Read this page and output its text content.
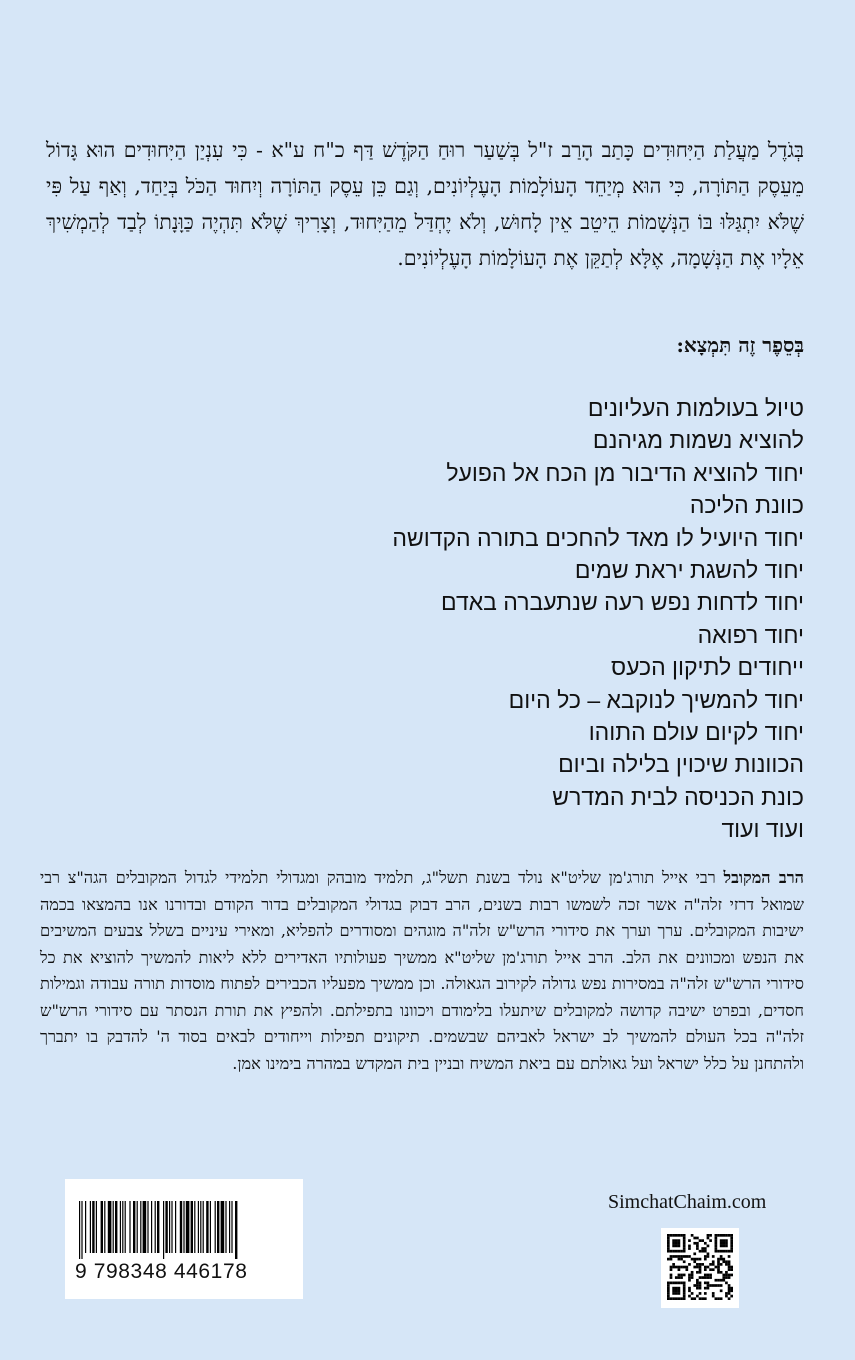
בְּגֹדֶל מַעֲלַת הַיִּחוּדִים כָּתַב הָרַב ז"ל בְּשַׁעַר רוּחַ הַקֹּדֶשׁ דַּף כ"ח ע"א - כִּי עִנְיַן הַיִּחוּדִים הוּא גָּדוֹל מֵעֵסֶק הַתּוֹרָה, כִּי הוּא מְיַחֵד הָעוֹלָמוֹת הָעֶלְיוֹנִים, וְגַם כֵּן עֵסֶק הַתּוֹרָה וְיִחוּד הַכֹּל בְּיַחַד, וְאַף עַל פִּי שֶׁלֹּא יִתְגַּלּוּ בּוֹ הַנְּשָׁמוֹת הֵיטֵב אֵין לָחוּשׁ, וְלֹא יֶחְדַּל מֵהַיִּחוּד, וְצָרִיךְ שֶׁלֹּא תִּהְיֶה כַּוָּנָתוֹ לְבַד לְהַמְשִׁיךְ אֵלָיו אֶת הַנְּשָׁמָה, אֶלָּא לְתַקֵּן אֶת הָעוֹלָמוֹת הָעֶלְיוֹנִים.
בְּסֵפֶר זֶה תִּמְצָא:
טיול בעולמות העליונים
להוציא נשמות מגיהנם
יחוד להוציא הדיבור מן הכח אל הפועל
כוונת הליכה
יחוד היועיל לו מאד להחכים בתורה הקדושה
יחוד להשגת יראת שמים
יחוד לדחות נפש רעה שנתעברה באדם
יחוד רפואה
ייחודים לתיקון הכעס
יחוד להמשיך לנוקבא – כל היום
יחוד לקיום עולם התוהו
הכוונות שיכוין בלילה וביום
כונת הכניסה לבית המדרש
ועוד ועוד
הרב המקובל רבי אייל תורג'מן שליט"א נולד בשנת תשל"ג, תלמיד מובהק ומגדולי תלמידי לגדול המקובלים הגה"צ רבי שמואל דרזי זלה"ה אשר זכה לשמשו רבות בשנים, הרב דבוק בגדולי המקובלים בדור הקודם ובדורנו אנו בהמצאו בכמה ישיבות המקובלים. ערך וערך את סידורי הרש"ש זלה"ה מוגהים ומסודרים להפליא, ומאירי עיניים בשלל צבעים המשיבים את הנפש ומכוונים את הלב. הרב אייל תורג'מן שליט"א ממשיך פעולותיו האדירים ללא ליאות להמשיך להוציא את כל סידורי הרש"ש זלה"ה במסירות נפש גדולה לקירוב הגאולה. וכן ממשיך מפעליו הכבירים לפתוח מוסדות תורה עבודה וגמילות חסדים, ובפרט ישיבה קדושה למקובלים שיתעלו בלימודם ויכוונו בתפילתם. ולהפיץ את תורת הנסתר עם סידורי הרש"ש זלה"ה בכל העולם להמשיך לב ישראל לאביהם שבשמים. תיקונים תפילות וייחודים לבאים בסוד ה' להדבק בו יתברך ולהתחנן על כלל ישראל ועל גאולתם עם ביאת המשיח ובניין בית המקדש במהרה בימינו אמן.
SimchatChaim.com
9 798348 446178
